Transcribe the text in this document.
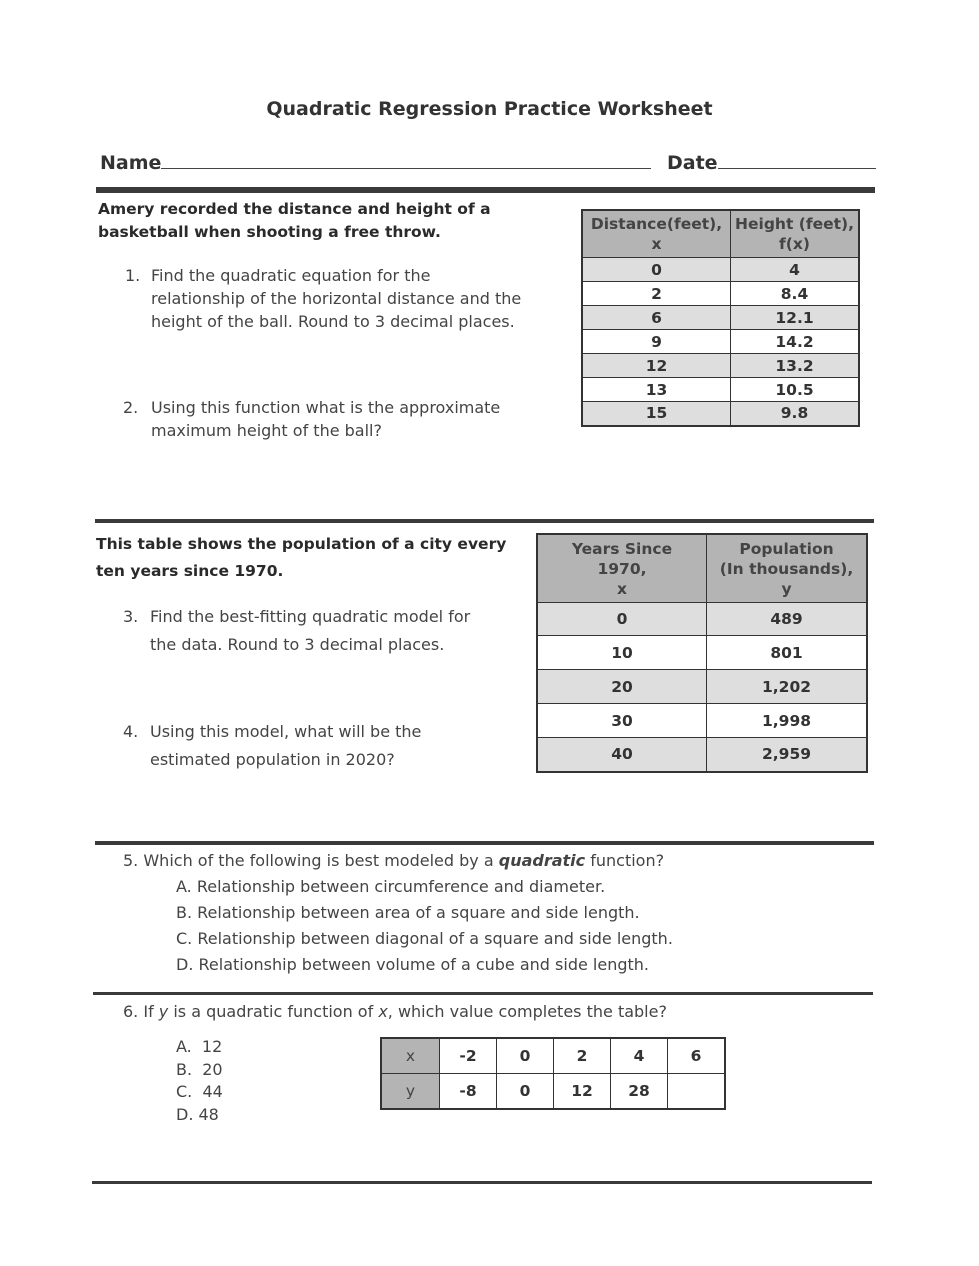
Quadratic Regression Practice Worksheet
Name	Date
Amery recorded the distance and height of a
basketball when shooting a free throw.
1. Find the quadratic equation for the
relationship of the horizontal distance and the
height of the ball. Round to 3 decimal places.
2. Using this function what is the approximate
maximum height of the ball?
Distance(feet),
x

Height (feet),
f(x)

0	4
2	8.4
6	12.1
9	14.2
12	13.2
13	10.5
15	9.8
This table shows the population of a city every
ten years since 1970.
3. Find the best-fitting quadratic model for
the data. Round to 3 decimal places.
4. Using this model, what will be the
estimated population in 2020?
Years Since
1970,
x

Population
(In thousands),
y

0	489
10	801
20	1,202
30	1,998
40	2,959
5. Which of the following is best modeled by a quadratic function?
A. Relationship between circumference and diameter.
B. Relationship between area of a square and side length.
C. Relationship between diagonal of a square and side length.
D. Relationship between volume of a cube and side length.
6. If y is a quadratic function of x, which value completes the table?
A. 12
B. 20
C. 44
D. 48
x	-2	0	2	4	6
y	-8	0	12	28	
